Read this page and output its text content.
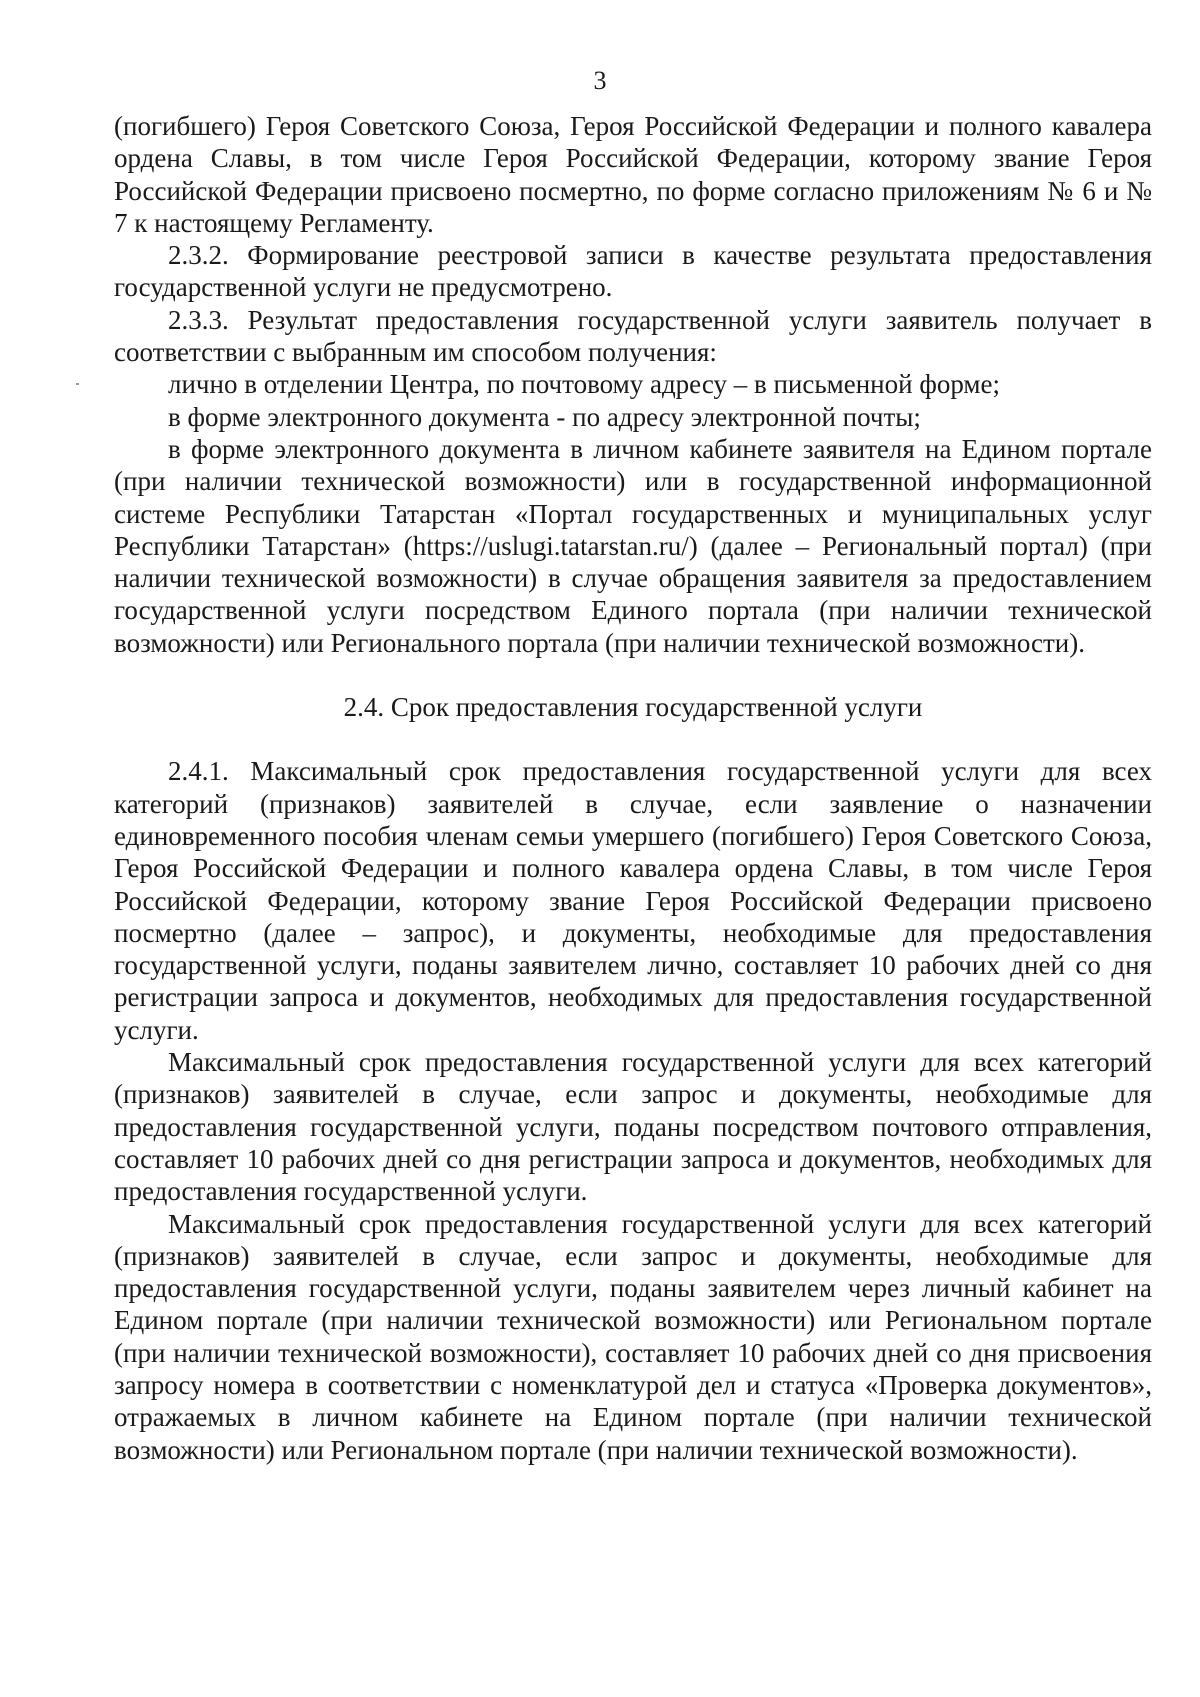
3

(погибшего) Героя Советского Союза, Героя Российской Федерации и полного кавалера ордена Славы, в том числе Героя Российской Федерации, которому звание Героя Российской Федерации присвоено посмертно, по форме согласно приложениям № 6 и № 7 к настоящему Регламенту.

2.3.2. Формирование реестровой записи в качестве результата предоставления государственной услуги не предусмотрено.

2.3.3. Результат предоставления государственной услуги заявитель получает в соответствии с выбранным им способом получения:

лично в отделении Центра, по почтовому адресу – в письменной форме;

в форме электронного документа - по адресу электронной почты;

в форме электронного документа в личном кабинете заявителя на Едином портале (при наличии технической возможности) или в государственной информационной системе Республики Татарстан «Портал государственных и муниципальных услуг Республики Татарстан» (https://uslugi.tatarstan.ru/) (далее – Региональный портал) (при наличии технической возможности) в случае обращения заявителя за предоставлением государственной услуги посредством Единого портала (при наличии технической возможности) или Регионального портала (при наличии технической возможности).

2.4. Срок предоставления государственной услуги

2.4.1. Максимальный срок предоставления государственной услуги для всех категорий (признаков) заявителей в случае, если заявление о назначении единовременного пособия членам семьи умершего (погибшего) Героя Советского Союза, Героя Российской Федерации и полного кавалера ордена Славы, в том числе Героя Российской Федерации, которому звание Героя Российской Федерации присвоено посмертно (далее – запрос), и документы, необходимые для предоставления государственной услуги, поданы заявителем лично, составляет 10 рабочих дней со дня регистрации запроса и документов, необходимых для предоставления государственной услуги.

Максимальный срок предоставления государственной услуги для всех категорий (признаков) заявителей в случае, если запрос и документы, необходимые для предоставления государственной услуги, поданы посредством почтового отправления, составляет 10 рабочих дней со дня регистрации запроса и документов, необходимых для предоставления государственной услуги.

Максимальный срок предоставления государственной услуги для всех категорий (признаков) заявителей в случае, если запрос и документы, необходимые для предоставления государственной услуги, поданы заявителем через личный кабинет на Едином портале (при наличии технической возможности) или Региональном портале (при наличии технической возможности), составляет 10 рабочих дней со дня присвоения запросу номера в соответствии с номенклатурой дел и статуса «Проверка документов», отражаемых в личном кабинете на Едином портале (при наличии технической возможности) или Региональном портале (при наличии технической возможности).
